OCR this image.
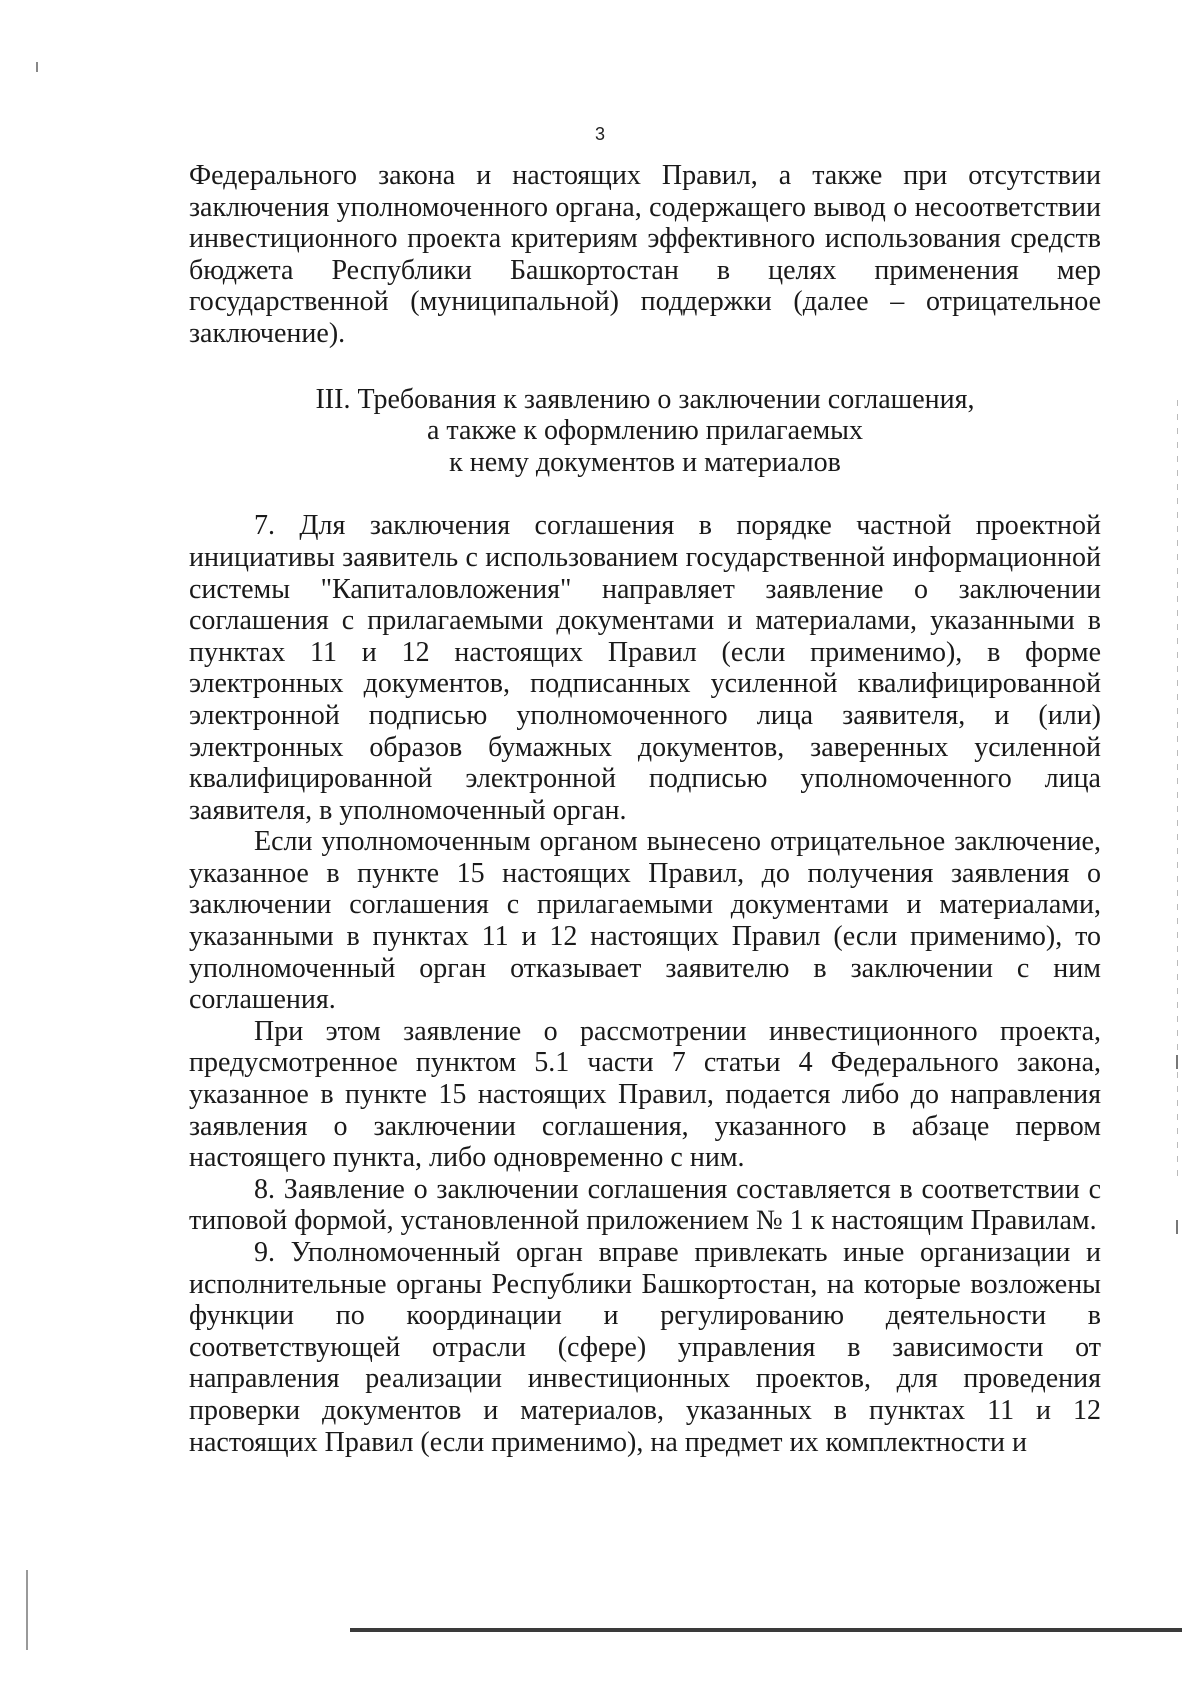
3

Федерального закона и настоящих Правил, а также при отсутствии заключения уполномоченного органа, содержащего вывод о несоответствии инвестиционного проекта критериям эффективного использования средств бюджета Республики Башкортостан в целях применения мер государственной (муниципальной) поддержки (далее – отрицательное заключение).

III. Требования к заявлению о заключении соглашения,
а также к оформлению прилагаемых
к нему документов и материалов

7. Для заключения соглашения в порядке частной проектной инициативы заявитель с использованием государственной информационной системы "Капиталовложения" направляет заявление о заключении соглашения с прилагаемыми документами и материалами, указанными в пунктах 11 и 12 настоящих Правил (если применимо), в форме электронных документов, подписанных усиленной квалифицированной электронной подписью уполномоченного лица заявителя, и (или) электронных образов бумажных документов, заверенных усиленной квалифицированной электронной подписью уполномоченного лица заявителя, в уполномоченный орган.

Если уполномоченным органом вынесено отрицательное заключение, указанное в пункте 15 настоящих Правил, до получения заявления о заключении соглашения с прилагаемыми документами и материалами, указанными в пунктах 11 и 12 настоящих Правил (если применимо), то уполномоченный орган отказывает заявителю в заключении с ним соглашения.

При этом заявление о рассмотрении инвестиционного проекта, предусмотренное пунктом 5.1 части 7 статьи 4 Федерального закона, указанное в пункте 15 настоящих Правил, подается либо до направления заявления о заключении соглашения, указанного в абзаце первом настоящего пункта, либо одновременно с ним.

8. Заявление о заключении соглашения составляется в соответствии с типовой формой, установленной приложением № 1 к настоящим Правилам.

9. Уполномоченный орган вправе привлекать иные организации и исполнительные органы Республики Башкортостан, на которые возложены функции по координации и регулированию деятельности в соответствующей отрасли (сфере) управления в зависимости от направления реализации инвестиционных проектов, для проведения проверки документов и материалов, указанных в пунктах 11 и 12 настоящих Правил (если применимо), на предмет их комплектности и
